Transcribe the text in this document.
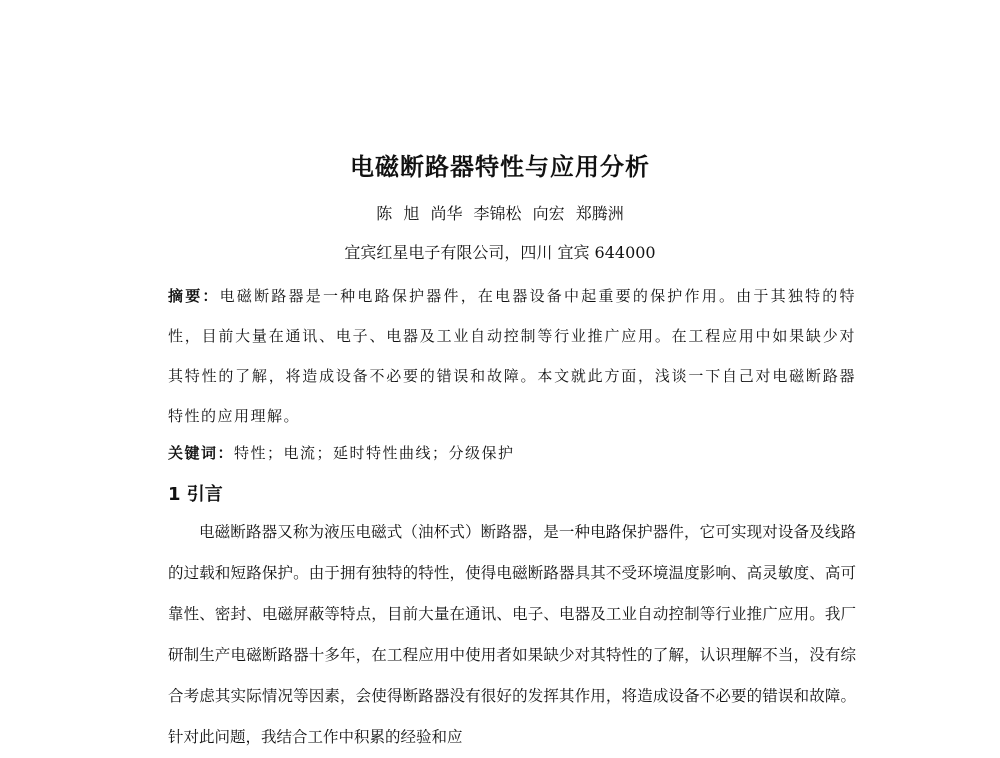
电磁断路器特性与应用分析
陈 旭 尚华 李锦松 向宏 郑腾洲
宜宾红星电子有限公司，四川 宜宾 644000
摘要：电磁断路器是一种电路保护器件，在电器设备中起重要的保护作用。由于其独特的特性，目前大量在通讯、电子、电器及工业自动控制等行业推广应用。在工程应用中如果缺少对其特性的了解，将造成设备不必要的错误和故障。本文就此方面，浅谈一下自己对电磁断路器特性的应用理解。
关键词：特性；电流；延时特性曲线；分级保护
1 引言
电磁断路器又称为液压电磁式（油杯式）断路器，是一种电路保护器件，它可实现对设备及线路的过载和短路保护。由于拥有独特的特性，使得电磁断路器具其不受环境温度影响、高灵敏度、高可靠性、密封、电磁屏蔽等特点，目前大量在通讯、电子、电器及工业自动控制等行业推广应用。我厂研制生产电磁断路器十多年，在工程应用中使用者如果缺少对其特性的了解，认识理解不当，没有综合考虑其实际情况等因素，会使得断路器没有很好的发挥其作用，将造成设备不必要的错误和故障。针对此问题，我结合工作中积累的经验和应
